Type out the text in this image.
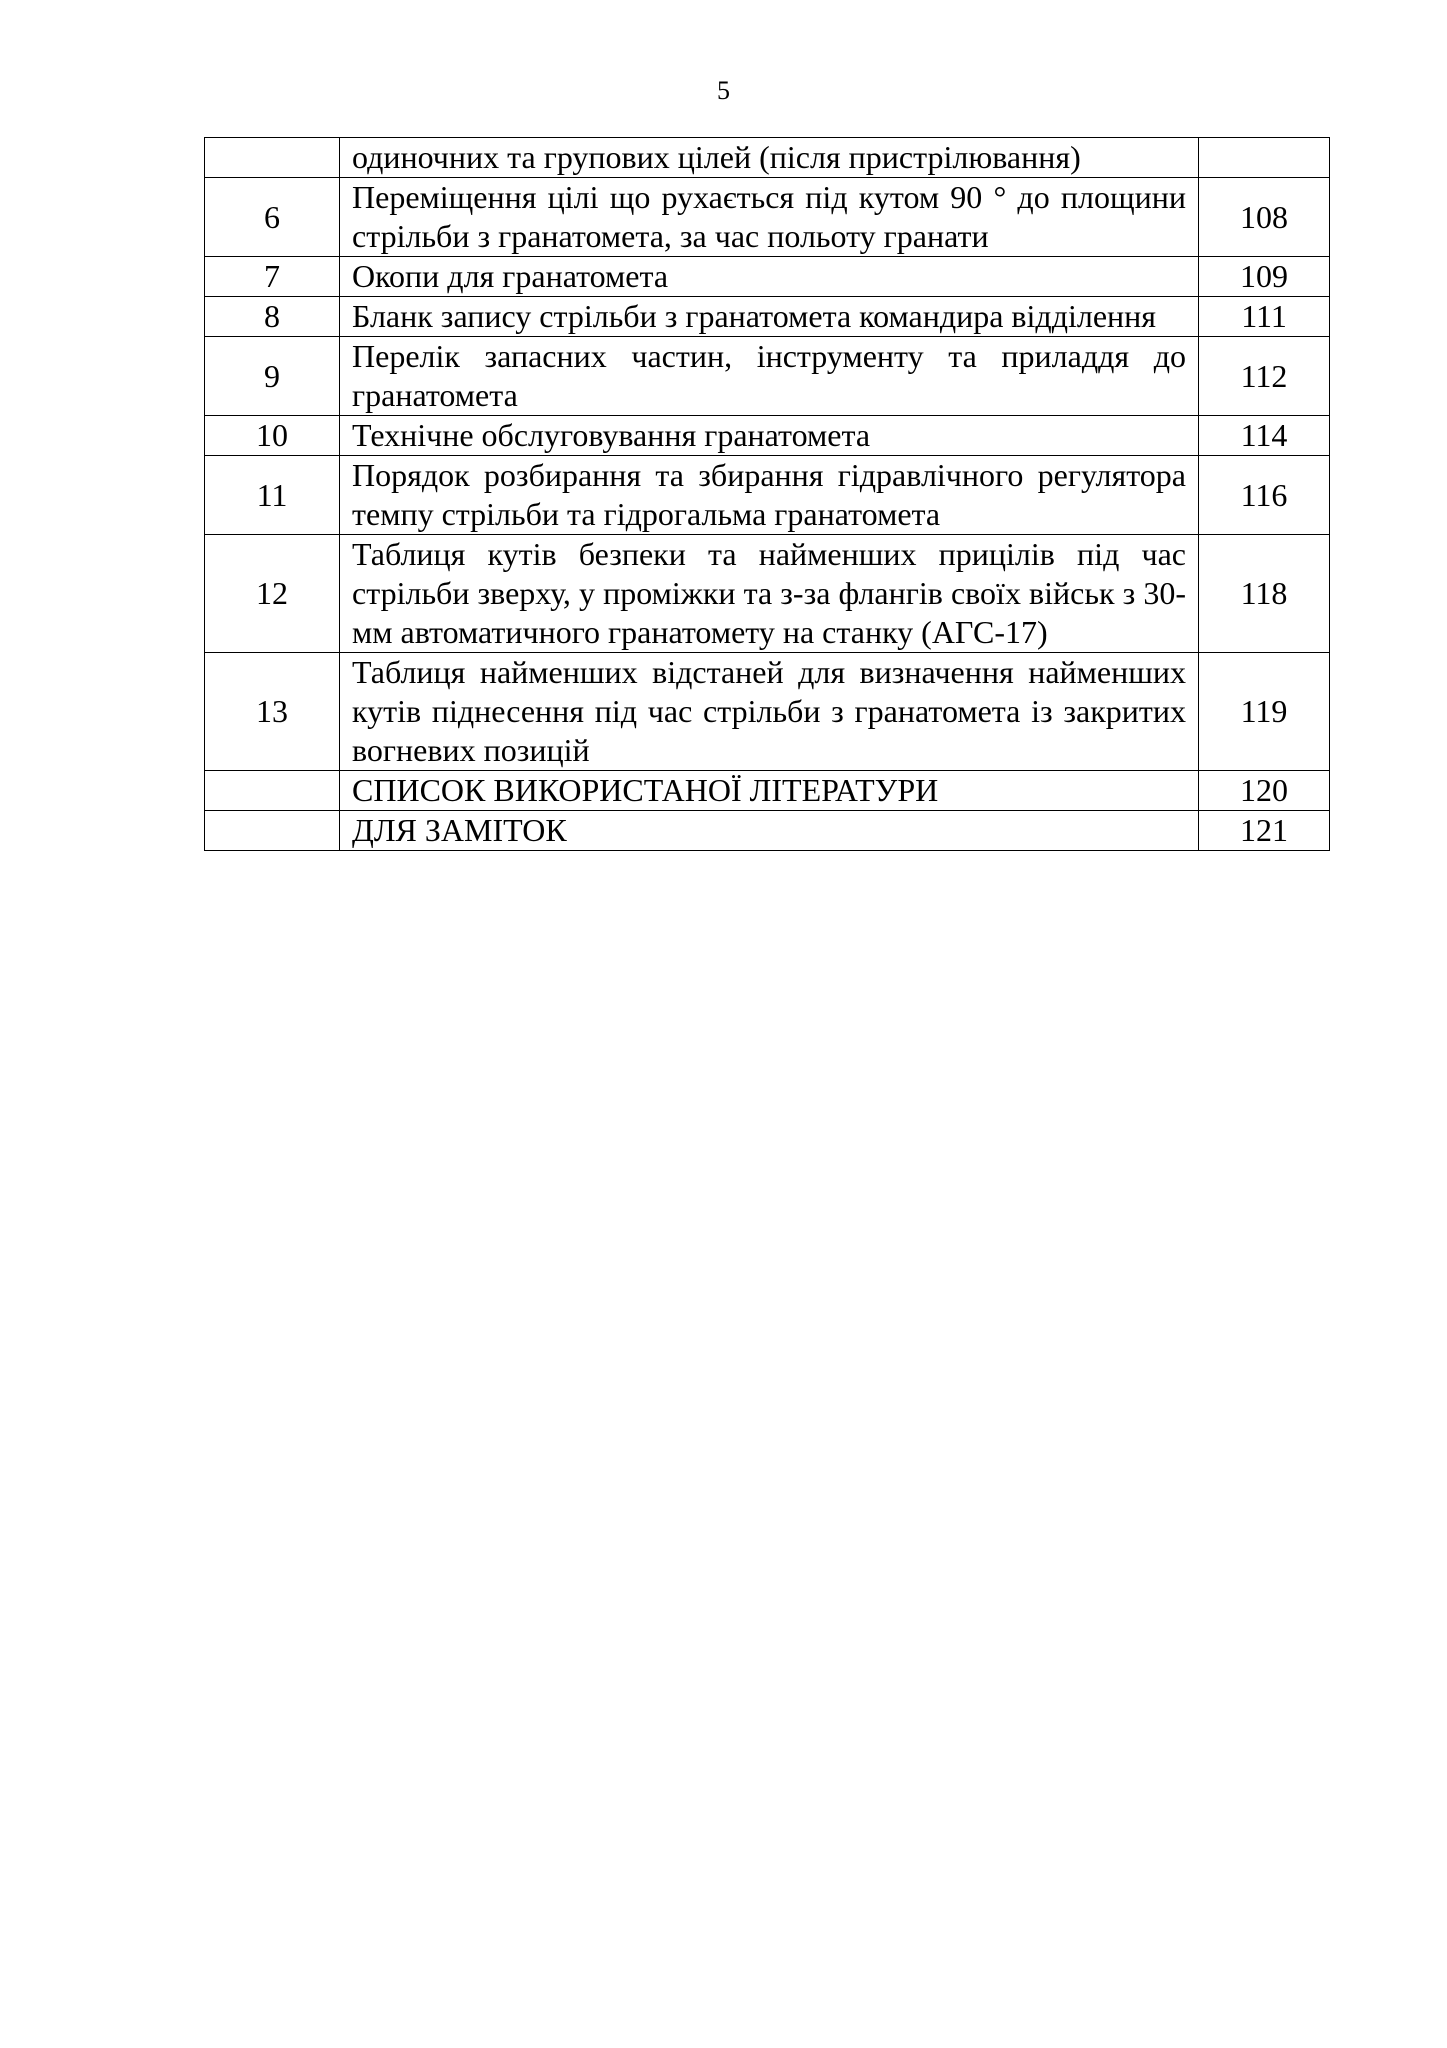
5

	одиночних та групових цілей (після пристрілювання)	

6	Переміщення цілі що рухається під кутом 90 ° до площини стрільби з гранатомета, за час польоту гранати	108
7	Окопи для гранатомета	109
8	Бланк запису стрільби з гранатомета командира відділення	111
9	Перелік запасних частин, інструменту та приладдя до гранатомета	112
10	Технічне обслуговування гранатомета	114
11	Порядок розбирання та збирання гідравлічного регулятора темпу стрільби та гідрогальма гранатомета	116
12	Таблиця кутів безпеки та найменших прицілів під час стрільби зверху, у проміжки та з-за флангів своїх військ з 30-мм автоматичного гранатомету на станку (АГС-17)	118
13	Таблиця найменших відстаней для визначення найменших кутів піднесення під час стрільби з гранатомета із закритих вогневих позицій	119

	СПИСОК ВИКОРИСТАНОЇ ЛІТЕРАТУРИ	120

	ДЛЯ ЗАМІТОК	121
